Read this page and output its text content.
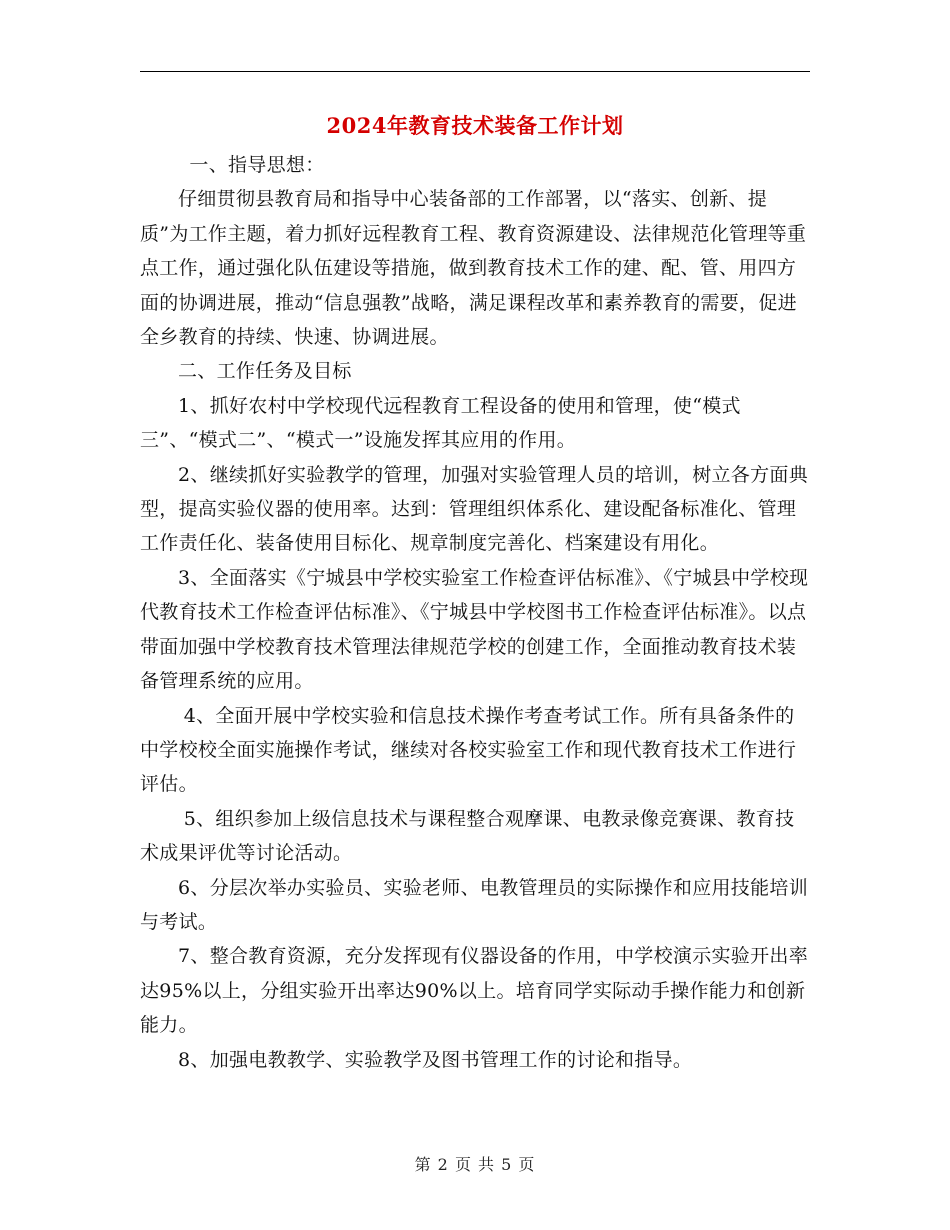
2024年教育技术装备工作计划

一、指导思想：

仔细贯彻县教育局和指导中心装备部的工作部署，以“落实、创新、提质”为工作主题，着力抓好远程教育工程、教育资源建设、法律规范化管理等重点工作，通过强化队伍建设等措施，做到教育技术工作的建、配、管、用四方面的协调进展，推动“信息强教”战略，满足课程改革和素养教育的需要，促进全乡教育的持续、快速、协调进展。

二、工作任务及目标

1、抓好农村中学校现代远程教育工程设备的使用和管理，使“模式三”、“模式二”、“模式一”设施发挥其应用的作用。

2、继续抓好实验教学的管理，加强对实验管理人员的培训，树立各方面典型，提高实验仪器的使用率。达到：管理组织体系化、建设配备标准化、管理工作责任化、装备使用目标化、规章制度完善化、档案建设有用化。

3、全面落实《宁城县中学校实验室工作检查评估标准》、《宁城县中学校现代教育技术工作检查评估标准》、《宁城县中学校图书工作检查评估标准》。以点带面加强中学校教育技术管理法律规范学校的创建工作，全面推动教育技术装备管理系统的应用。

4、全面开展中学校实验和信息技术操作考查考试工作。所有具备条件的中学校校全面实施操作考试，继续对各校实验室工作和现代教育技术工作进行评估。

5、组织参加上级信息技术与课程整合观摩课、电教录像竞赛课、教育技术成果评优等讨论活动。

6、分层次举办实验员、实验老师、电教管理员的实际操作和应用技能培训与考试。

7、整合教育资源，充分发挥现有仪器设备的作用，中学校演示实验开出率达95%以上，分组实验开出率达90%以上。培育同学实际动手操作能力和创新能力。

8、加强电教教学、实验教学及图书管理工作的讨论和指导。

第 2 页 共 5 页
